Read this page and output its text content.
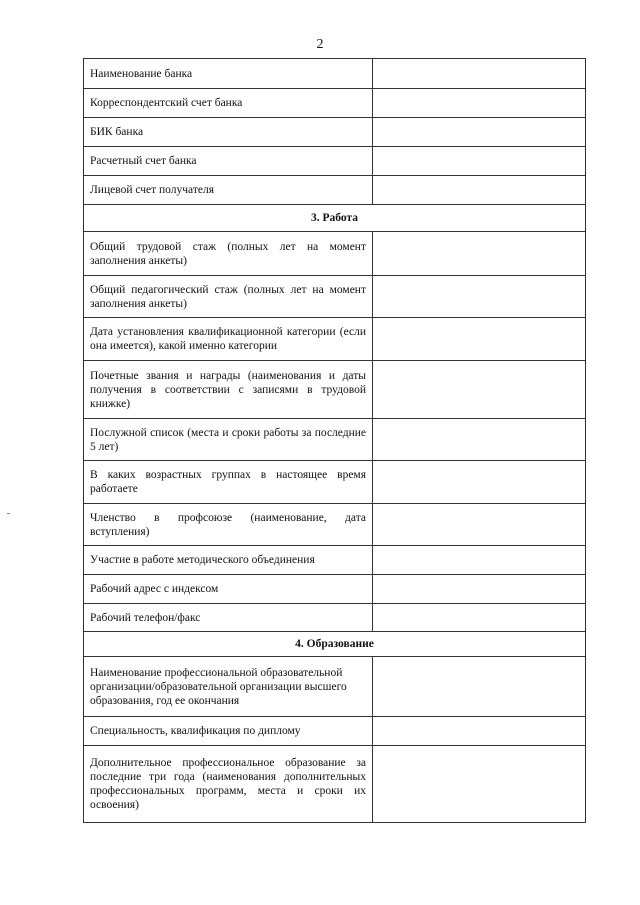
2
Наименование банка	
Корреспондентский счет банка	
БИК банка	
Расчетный счет банка	
Лицевой счет получателя	
3. Работа	
Общий трудовой стаж (полных лет на момент заполнения анкеты)	
Общий педагогический стаж (полных лет на момент заполнения анкеты)	
Дата установления квалификационной категории (если она имеется), какой именно категории	
Почетные звания и награды (наименования и даты получения в соответствии с записями в трудовой книжке)	
Послужной список (места и сроки работы за последние 5 лет)	
В каких возрастных группах в настоящее время работаете	
Членство в профсоюзе (наименование, дата вступления)	
Участие в работе методического объединения	
Рабочий адрес с индексом	
Рабочий телефон/факс	
4. Образование	
Наименование профессиональной образовательной организации/образовательной организации высшего образования, год ее окончания	
Специальность, квалификация по диплому	
Дополнительное профессиональное образование за последние три года (наименования дополнительных профессиональных программ, места и сроки их освоения)	
